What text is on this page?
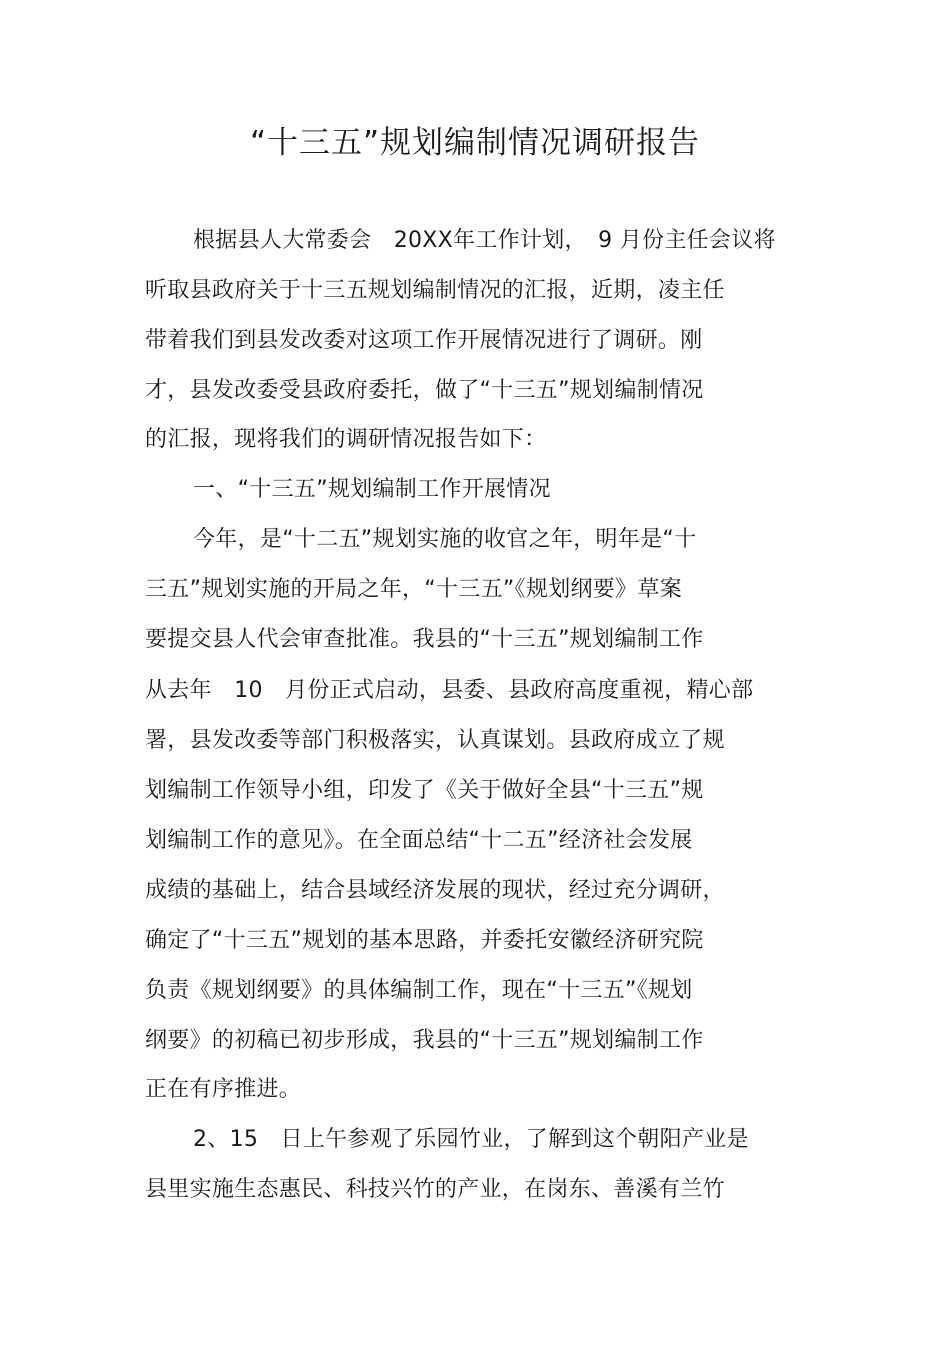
“十三五”规划编制情况调研报告
根据县人大常委会　20XX年工作计划，　9 月份主任会议将
听取县政府关于十三五规划编制情况的汇报，近期，凌主任
带着我们到县发改委对这项工作开展情况进行了调研。刚
才，县发改委受县政府委托，做了“十三五”规划编制情况
的汇报，现将我们的调研情况报告如下：
一、“十三五”规划编制工作开展情况
今年，是“十二五”规划实施的收官之年，明年是“十
三五”规划实施的开局之年，“十三五”《规划纲要》草案
要提交县人代会审查批准。我县的“十三五”规划编制工作
从去年　10　月份正式启动，县委、县政府高度重视，精心部
署，县发改委等部门积极落实，认真谋划。县政府成立了规
划编制工作领导小组，印发了《关于做好全县“十三五”规
划编制工作的意见》。在全面总结“十二五”经济社会发展
成绩的基础上，结合县域经济发展的现状，经过充分调研，
确定了“十三五”规划的基本思路，并委托安徽经济研究院
负责《规划纲要》的具体编制工作，现在“十三五”《规划
纲要》的初稿已初步形成，我县的“十三五”规划编制工作
正在有序推进。
2、15　日上午参观了乐园竹业，了解到这个朝阳产业是
县里实施生态惠民、科技兴竹的产业，在岗东、善溪有兰竹
